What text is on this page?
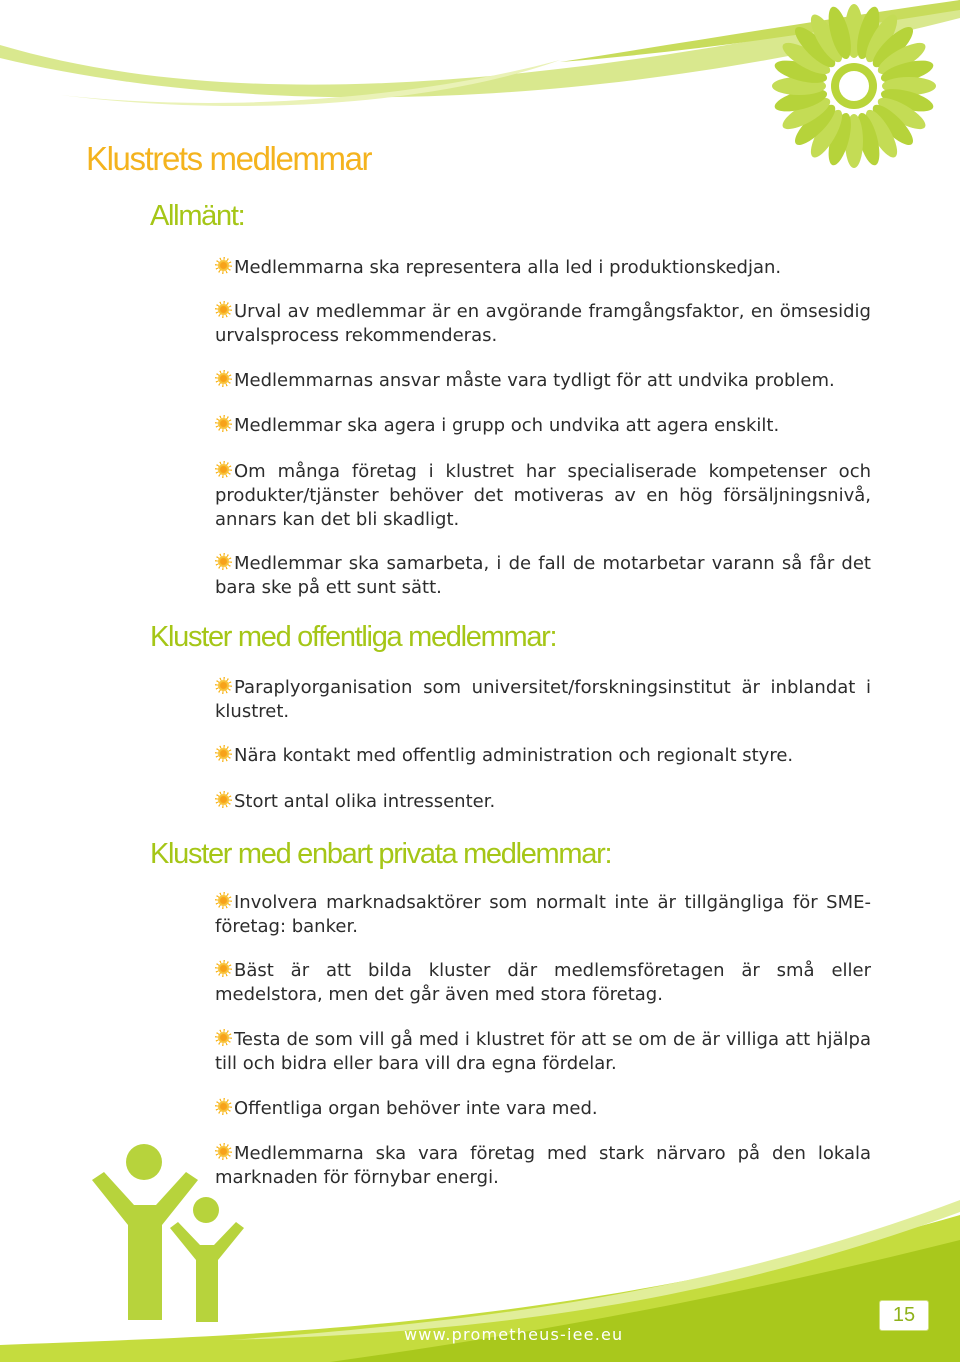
Klustrets medlemmar
Allmänt:
Medlemmarna ska representera alla led i produktionskedjan.
Urval av medlemmar är en avgörande framgångsfaktor, en ömsesidig urvalsprocess rekommenderas.
Medlemmarnas ansvar måste vara tydligt för att undvika problem.
Medlemmar ska agera i grupp och undvika att agera enskilt.
Om många företag i klustret har specialiserade kompetenser och produkter/tjänster behöver det motiveras av en hög försäljningsnivå, annars kan det bli skadligt.
Medlemmar ska samarbeta, i de fall de motarbetar varann så får det bara ske på ett sunt sätt.
Kluster med offentliga medlemmar:
Paraplyorganisation som universitet/forskningsinstitut är inblandat i klustret.
Nära kontakt med offentlig administration och regionalt styre.
Stort antal olika intressenter.
Kluster med enbart privata medlemmar:
Involvera marknadsaktörer som normalt inte är tillgängliga för SME-företag: banker.
Bäst är att bilda kluster där medlemsföretagen är små eller medelstora, men det går även med stora företag.
Testa de som vill gå med i klustret för att se om de är villiga att hjälpa till och bidra eller bara vill dra egna fördelar.
Offentliga organ behöver inte vara med.
Medlemmarna ska vara företag med stark närvaro på den lokala marknaden för förnybar energi.
www.prometheus-iee.eu
15
